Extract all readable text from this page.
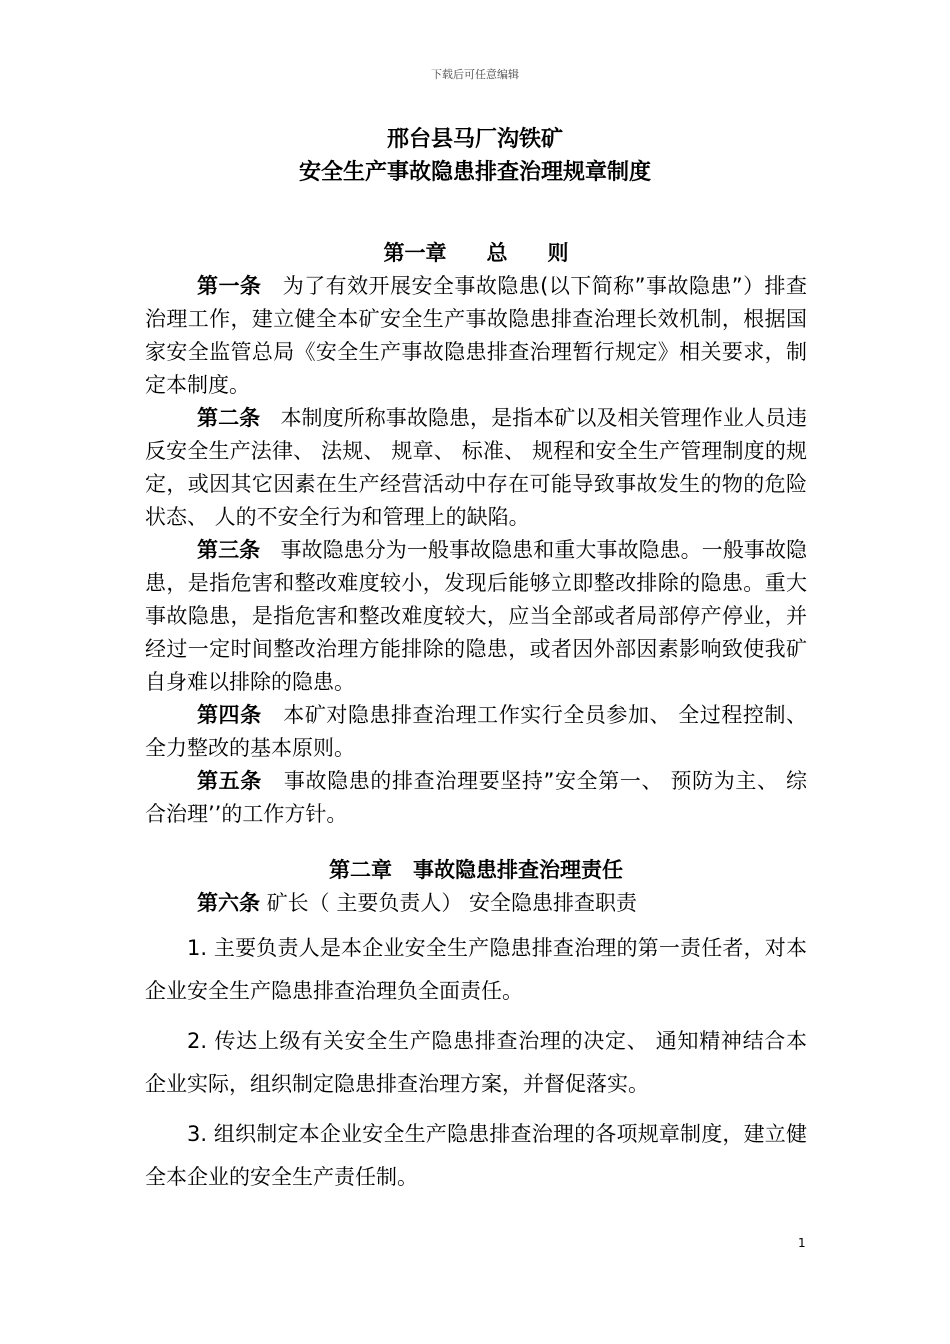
下载后可任意编辑
邢台县马厂沟铁矿
安全生产事故隐患排查治理规章制度
第一章 总 则

第一条 为了有效开展安全事故隐患(以下简称”事故隐患”）排查治理工作，建立健全本矿安全生产事故隐患排查治理长效机制，根据国家安全监管总局《安全生产事故隐患排查治理暂行规定》相关要求，制定本制度。

第二条 本制度所称事故隐患，是指本矿以及相关管理作业人员违反安全生产法律、 法规、 规章、 标准、 规程和安全生产管理制度的规定，或因其它因素在生产经营活动中存在可能导致事故发生的物的危险状态、 人的不安全行为和管理上的缺陷。

第三条 事故隐患分为一般事故隐患和重大事故隐患。一般事故隐患，是指危害和整改难度较小，发现后能够立即整改排除的隐患。重大事故隐患，是指危害和整改难度较大，应当全部或者局部停产停业，并经过一定时间整改治理方能排除的隐患，或者因外部因素影响致使我矿自身难以排除的隐患。

第四条 本矿对隐患排查治理工作实行全员参加、 全过程控制、 全力整改的基本原则。

第五条 事故隐患的排查治理要坚持”安全第一、 预防为主、 综合治理’’的工作方针。

第二章　事故隐患排查治理责任

第六条 矿长（ 主要负责人） 安全隐患排查职责

1. 主要负责人是本企业安全生产隐患排查治理的第一责任者，对本企业安全生产隐患排查治理负全面责任。

2. 传达上级有关安全生产隐患排查治理的决定、 通知精神结合本企业实际，组织制定隐患排查治理方案，并督促落实。

3. 组织制定本企业安全生产隐患排查治理的各项规章制度，建立健全本企业的安全生产责任制。

1
